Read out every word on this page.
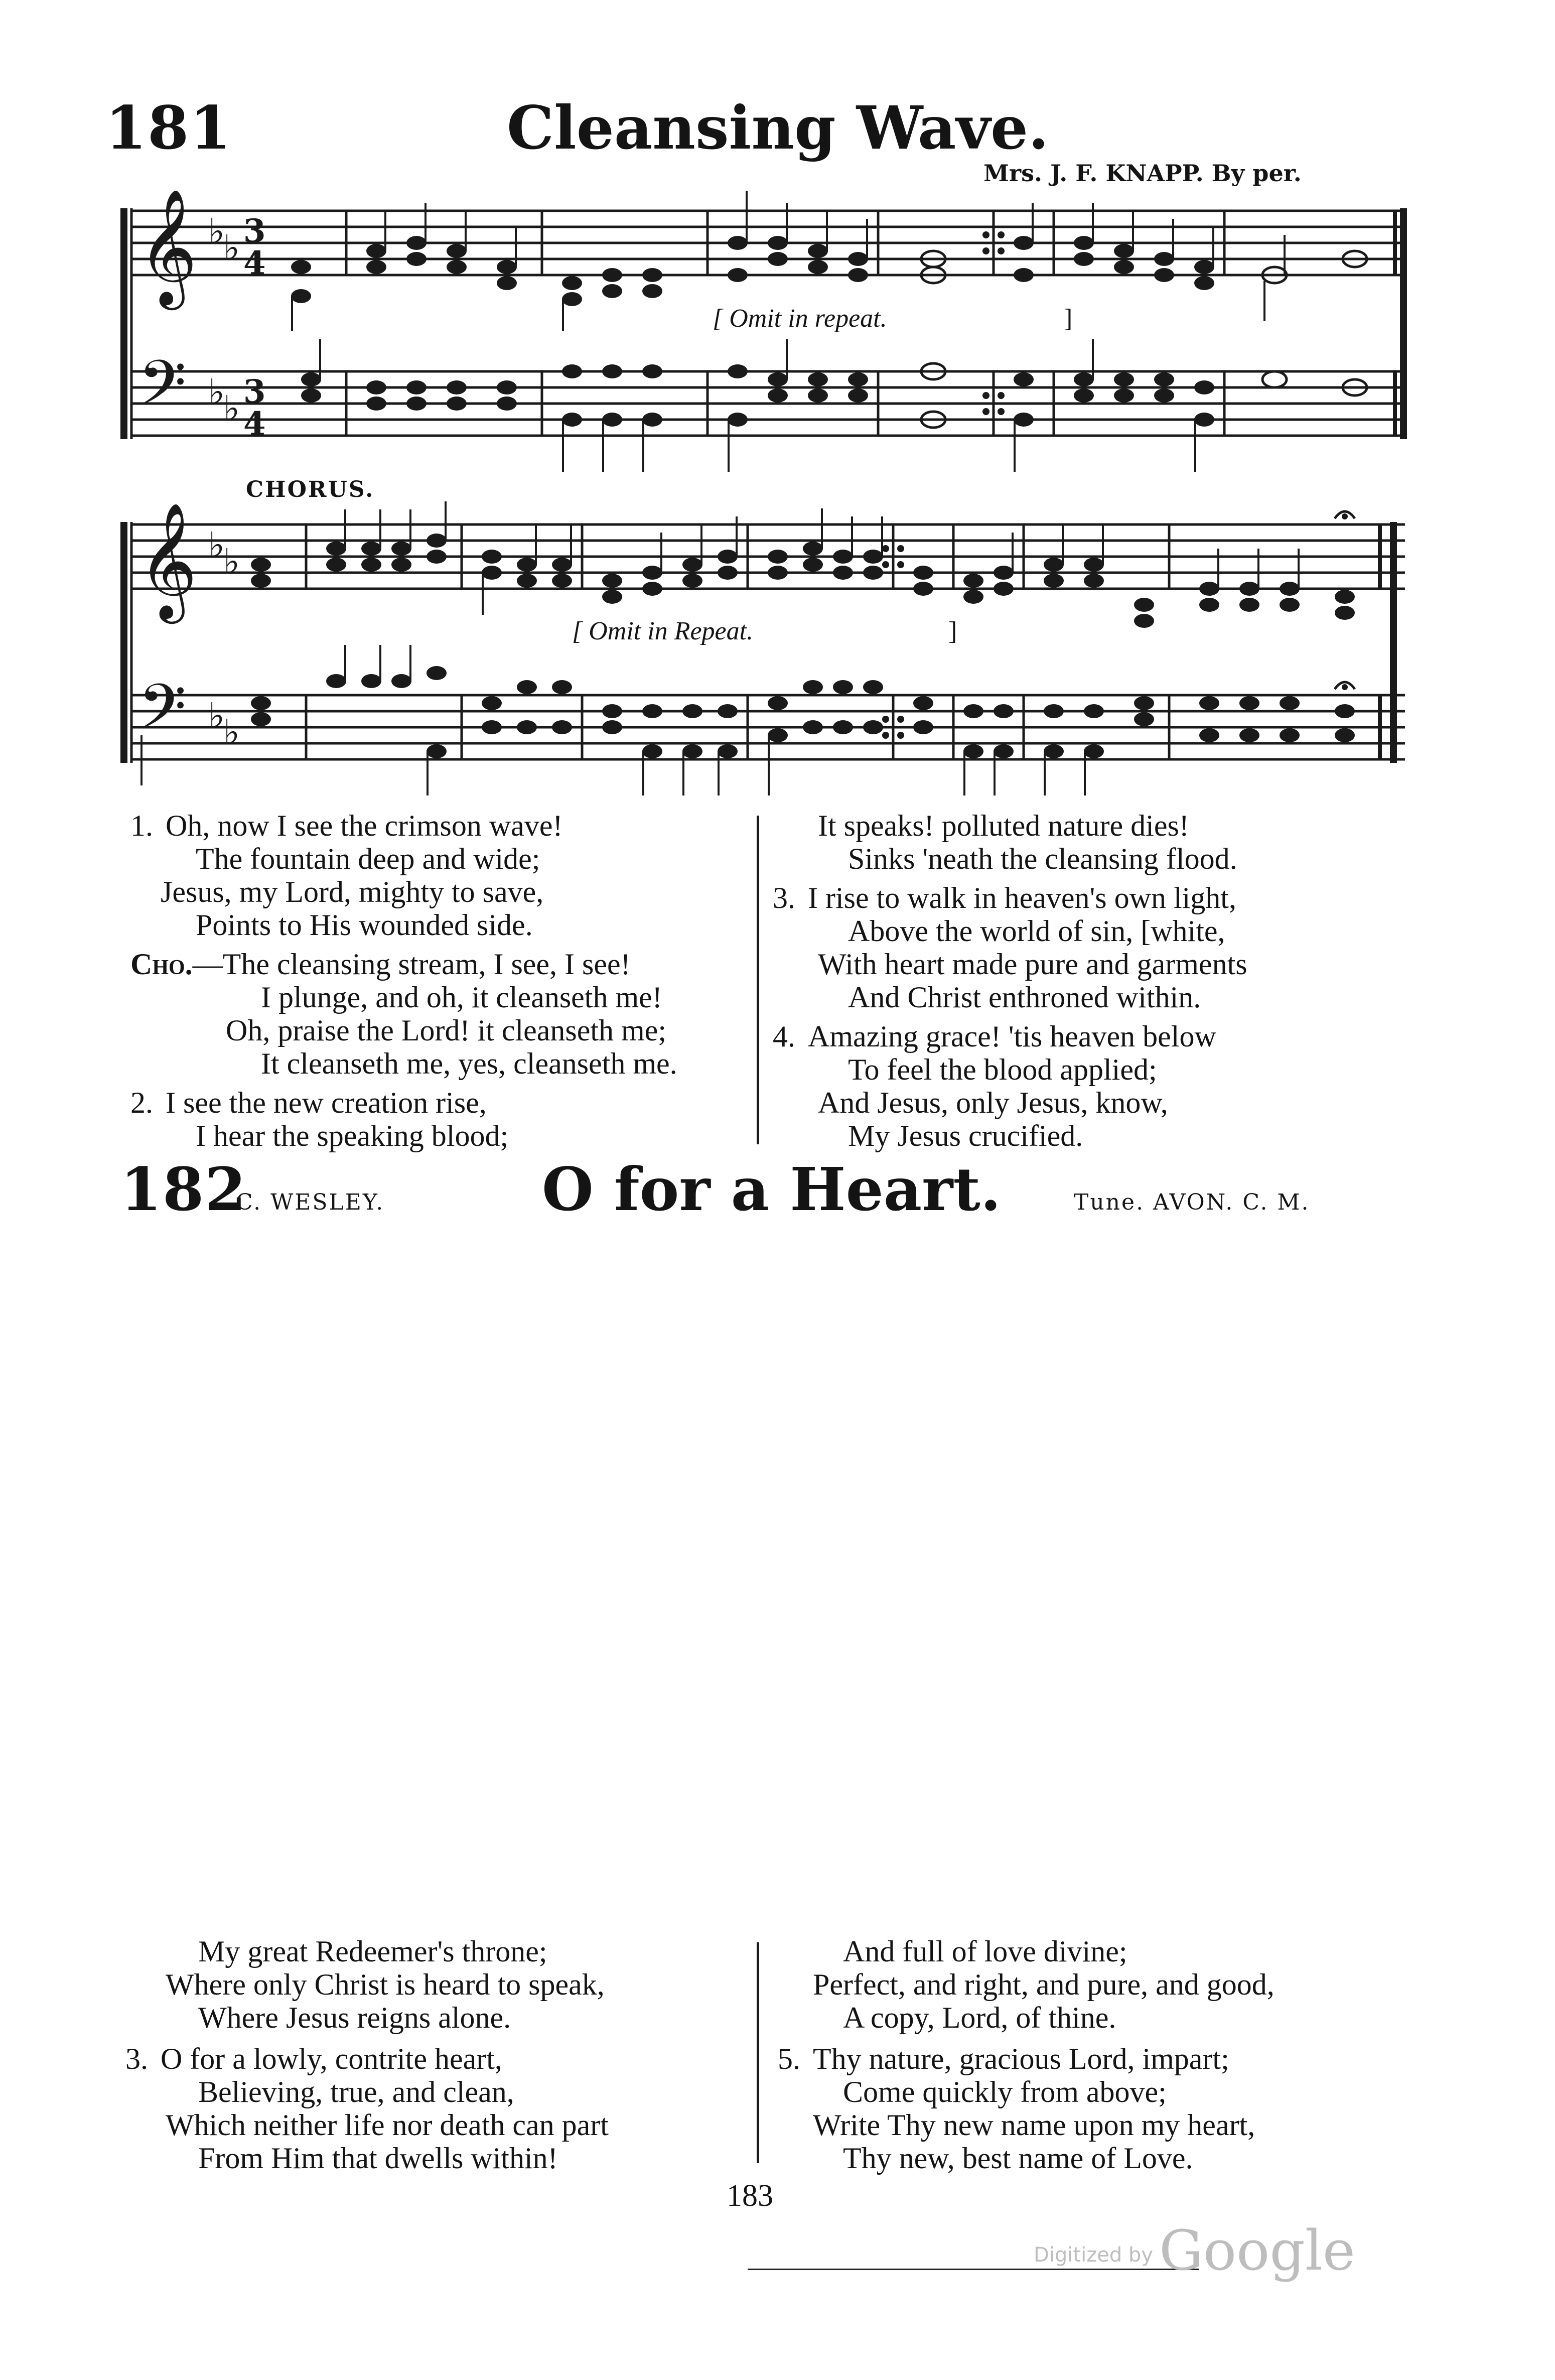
181	Cleansing Wave.
Mrs. J. F. KNAPP. By per.
𝄞
𝄢
♭
♭
♭
♭
3
4
3
4
[ Omit in repeat.	]
CHORUS.
𝄞
𝄢
♭
♭
♭
♭
[ Omit in Repeat.	]
1. Oh, now I see the crimson wave!
The fountain deep and wide;
Jesus, my Lord, mighty to save,
Points to His wounded side.
Cho.—The cleansing stream, I see, I see!
I plunge, and oh, it cleanseth me!
Oh, praise the Lord! it cleanseth me;
It cleanseth me, yes, cleanseth me.
2. I see the new creation rise,
I hear the speaking blood;
It speaks! polluted nature dies!
Sinks 'neath the cleansing flood.
3. I rise to walk in heaven's own light,
Above the world of sin, [white,
With heart made pure and garments
And Christ enthroned within.
4. Amazing grace! 'tis heaven below
To feel the blood applied;
And Jesus, only Jesus, know,
My Jesus crucified.
182
C. WESLEY.	O for a Heart.	Tune. AVON. C. M.
My great Redeemer's throne;
Where only Christ is heard to speak,
Where Jesus reigns alone.
3. O for a lowly, contrite heart,
Believing, true, and clean,
Which neither life nor death can part
From Him that dwells within!
And full of love divine;
Perfect, and right, and pure, and good,
A copy, Lord, of thine.
5. Thy nature, gracious Lord, impart;
Come quickly from above;
Write Thy new name upon my heart,
Thy new, best name of Love.
183
Digitized by Google
